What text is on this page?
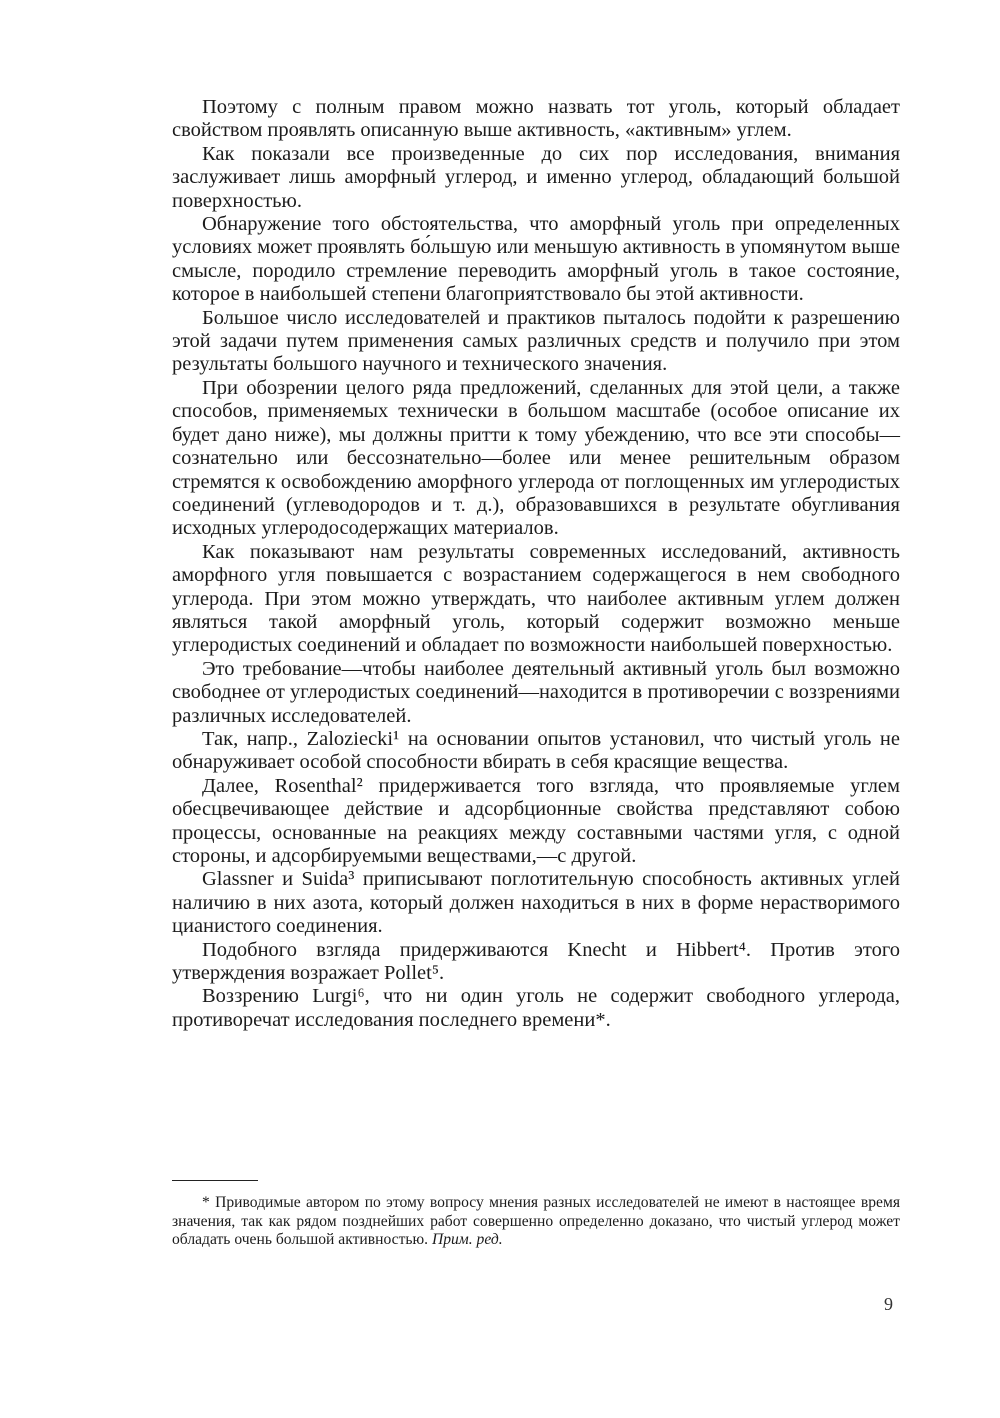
Поэтому с полным правом можно назвать тот уголь, который обладает свойством проявлять описанную выше активность, «активным» углем.

Как показали все произведенные до сих пор исследования, внимания заслуживает лишь аморфный углерод, и именно углерод, обладающий большой поверхностью.

Обнаружение того обстоятельства, что аморфный уголь при определенных условиях может проявлять бо́льшую или меньшую активность в упомянутом выше смысле, породило стремление переводить аморфный уголь в такое состояние, которое в наибольшей степени благоприятствовало бы этой активности.

Большое число исследователей и практиков пыталось подойти к разрешению этой задачи путем применения самых различных средств и получило при этом результаты большого научного и технического значения.

При обозрении целого ряда предложений, сделанных для этой цели, а также способов, применяемых технически в большом масштабе (особое описание их будет дано ниже), мы должны притти к тому убеждению, что все эти способы—сознательно или бессознательно—более или менее решительным образом стремятся к освобождению аморфного углерода от поглощенных им углеродистых соединений (углеводородов и т. д.), образовавшихся в результате обугливания исходных углеродосодержащих материалов.

Как показывают нам результаты современных исследований, активность аморфного угля повышается с возрастанием содержащегося в нем свободного углерода. При этом можно утверждать, что наиболее активным углем должен являться такой аморфный уголь, который содержит возможно меньше углеродистых соединений и обладает по возможности наибольшей поверхностью.

Это требование—чтобы наиболее деятельный активный уголь был возможно свободнее от углеродистых соединений—находится в противоречии с воззрениями различных исследователей.

Так, напр., Zaloziecki¹ на основании опытов установил, что чистый уголь не обнаруживает особой способности вбирать в себя красящие вещества.

Далее, Rosenthal² придерживается того взгляда, что проявляемые углем обесцвечивающее действие и адсорбционные свойства представляют собою процессы, основанные на реакциях между составными частями угля, с одной стороны, и адсорбируемыми веществами,—с другой.

Glassner и Suida³ приписывают поглотительную способность активных углей наличию в них азота, который должен находиться в них в форме нерастворимого цианистого соединения.

Подобного взгляда придерживаются Knecht и Hibbert⁴. Против этого утверждения возражает Pollet⁵.

Воззрению Lurgi⁶, что ни один уголь не содержит свободного углерода, противоречат исследования последнего времени*.

* Приводимые автором по этому вопросу мнения разных исследователей не имеют в настоящее время значения, так как рядом позднейших работ совершенно определенно доказано, что чистый углерод может обладать очень большой активностью. Прим. ред.

9
